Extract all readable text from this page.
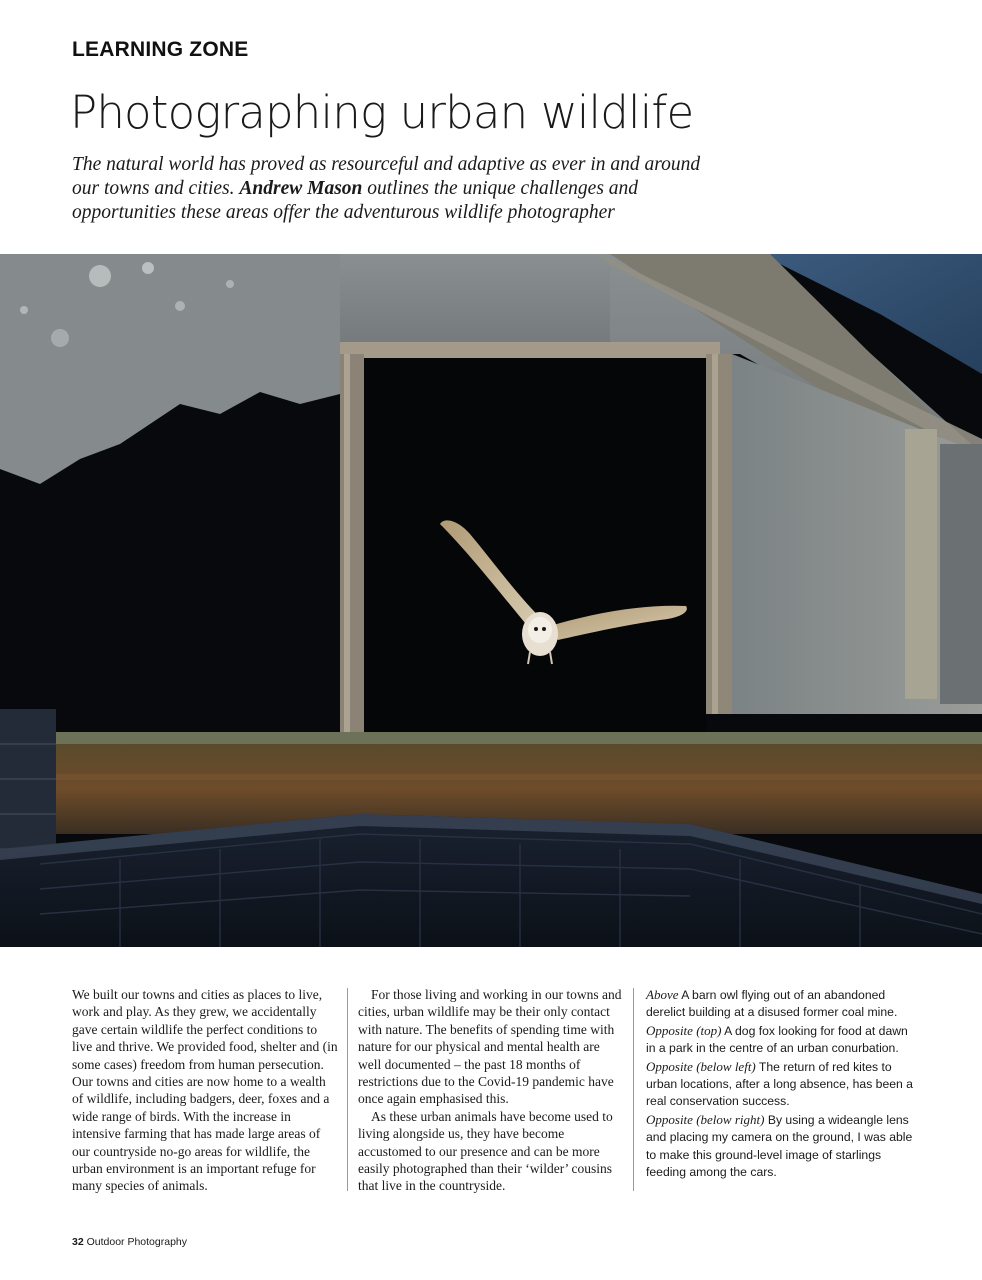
LEARNING ZONE
Photographing urban wildlife
The natural world has proved as resourceful and adaptive as ever in and around our towns and cities. Andrew Mason outlines the unique challenges and opportunities these areas offer the adventurous wildlife photographer

We built our towns and cities as places to live, work and play. As they grew, we accidentally gave certain wildlife the perfect conditions to live and thrive. We provided food, shelter and (in some cases) freedom from human persecution. Our towns and cities are now home to a wealth of wildlife, including badgers, deer, foxes and a wide range of birds. With the increase in intensive farming that has made large areas of our countryside no-go areas for wildlife, the urban environment is an important refuge for many species of animals.

For those living and working in our towns and cities, urban wildlife may be their only contact with nature. The benefits of spending time with nature for our physical and mental health are well documented – the past 18 months of restrictions due to the Covid-19 pandemic have once again emphasised this.

As these urban animals have become used to living alongside us, they have become accustomed to our presence and can be more easily photographed than their ‘wilder’ cousins that live in the countryside.

Above A barn owl flying out of an abandoned derelict building at a disused former coal mine.

Opposite (top) A dog fox looking for food at dawn in a park in the centre of an urban conurbation.

Opposite (below left) The return of red kites to urban locations, after a long absence, has been a real conservation success.

Opposite (below right) By using a wideangle lens and placing my camera on the ground, I was able to make this ground-level image of starlings feeding among the cars.

32 Outdoor Photography
